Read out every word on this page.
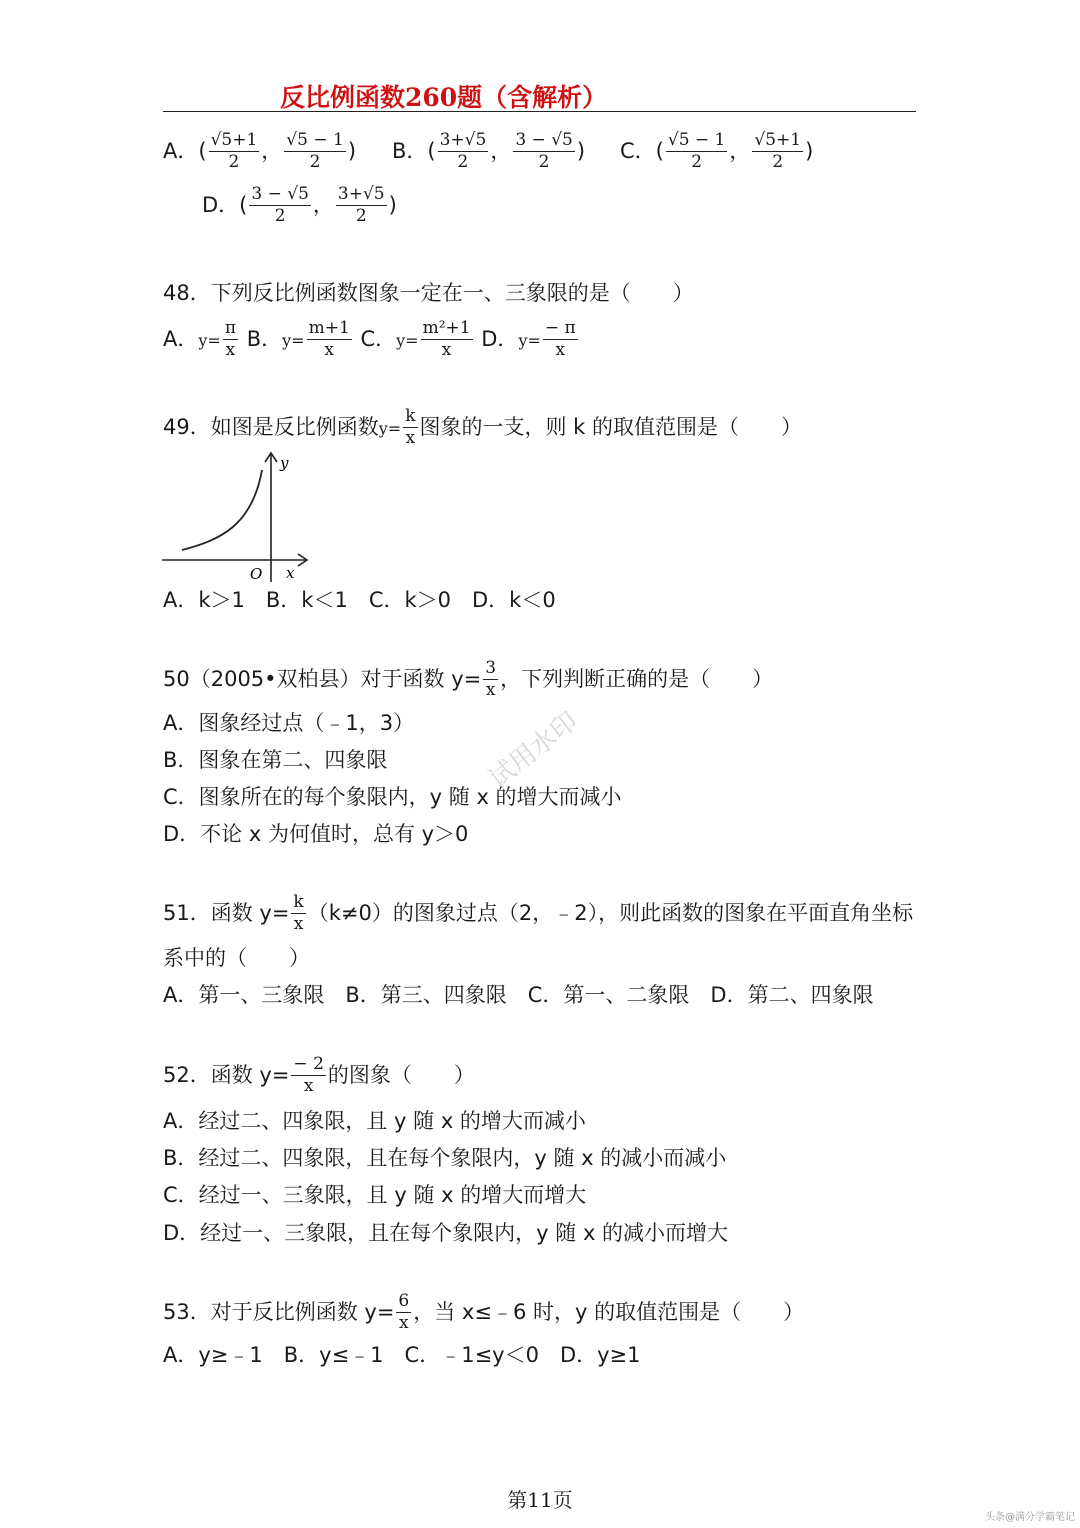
反比例函数260题（含解析）
A．( $\frac{√5+1}{2}$ ， $\frac{√5 - 1}{2}$ ) B．( $\frac{3+√5}{2}$ ， $\frac{3 - √5}{2}$ ) C．( $\frac{√5 - 1}{2}$ ， $\frac{√5+1}{2}$ )
D．( $\frac{3 - √5}{2}$ ， $\frac{3+√5}{2}$ )
48．下列反比例函数图象一定在一、三象限的是（　　）
A．$y= \frac{\pi}{x}$ B．$y= \frac{m+1}{x}$ C．$y= \frac{\text{m²+1}}{x}$ D．$y= \frac{- \pi}{x}$
49．如图是反比例函数$y= \frac{k}{x}$ 图象的一支，则 k 的取值范围是（　　）
y
x
O
A．k＞1　B．k＜1　C．k＞0　D．k＜0
50（2005•双柏县）对于函数 $y= \frac{3}{x}$ ，下列判断正确的是（　　）
A．图象经过点（﹣1，3）
B．图象在第二、四象限
C．图象所在的每个象限内，y 随 x 的增大而减小
D．不论 x 为何值时，总有 y＞0
51．函数 $y= \frac{k}{x} (k\ne 0)$的图象过点（2，﹣2），则此函数的图象在平面直角坐标
系中的（　　）
A．第一、三象限　B．第三、四象限　C．第一、二象限　D．第二、四象限
52．函数 $y= \frac{- 2}{x}$ 的图象（　　）
A．经过二、四象限，且 y 随 x 的增大而减小
B．经过二、四象限，且在每个象限内，y 随 x 的减小而减小
C．经过一、三象限，且 y 随 x 的增大而增大
D．经过一、三象限，且在每个象限内，y 随 x 的减小而增大
53．对于反比例函数 $y= \frac{6}{x}$ ，当 x≤﹣6 时，y 的取值范围是（　　）
A．y≥﹣1　B．y≤﹣1　C．﹣1≤y＜0　D．y≥1
试用水印
第11页
头条@满分学霸笔记
